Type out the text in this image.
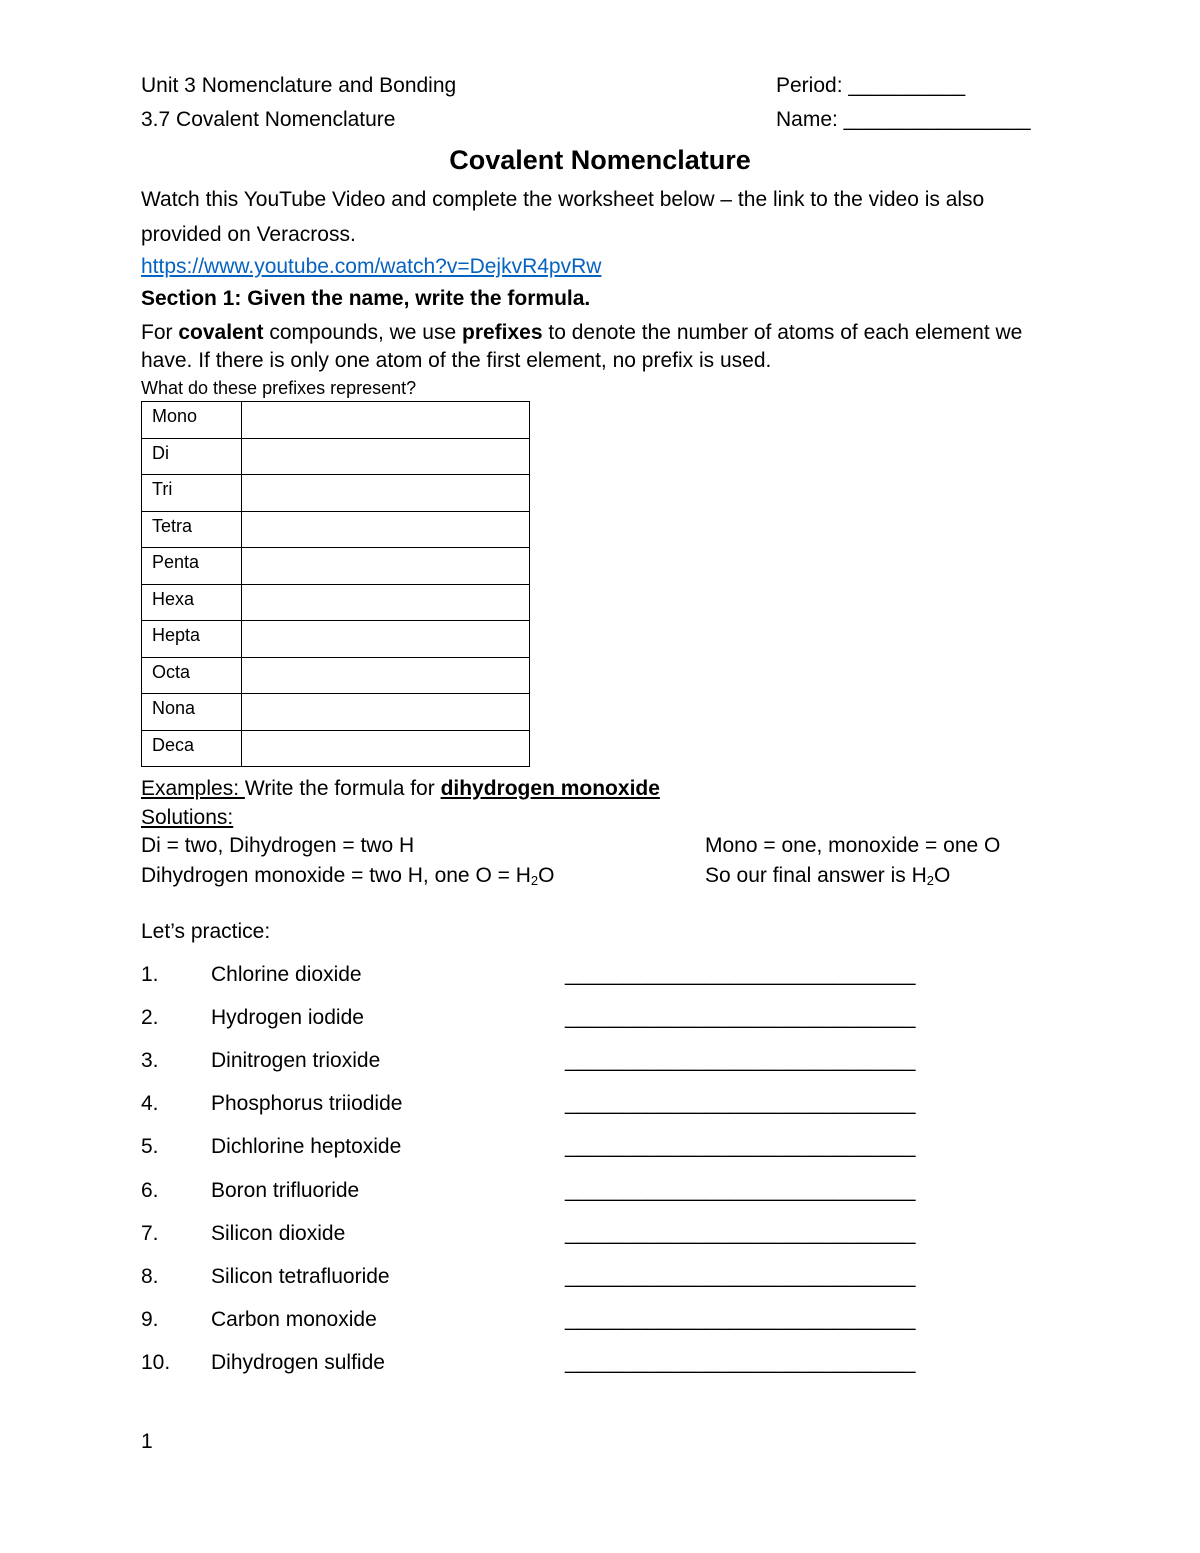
Unit 3 Nomenclature and Bonding	Period: __________
3.7 Covalent Nomenclature	Name: ________________
Covalent Nomenclature
Watch this YouTube Video and complete the worksheet below – the link to the video is also
provided on Veracross.
https://www.youtube.com/watch?v=DejkvR4pvRw
Section 1: Given the name, write the formula.
For covalent compounds, we use prefixes to denote the number of atoms of each element we
have. If there is only one atom of the first element, no prefix is used.
What do these prefixes represent?
Mono	
Di	
Tri	
Tetra	
Penta	
Hexa	
Hepta	
Octa	
Nona	
Deca	
Examples: Write the formula for dihydrogen monoxide
Solutions:
Di = two, Dihydrogen = two H	Mono = one, monoxide = one O
Dihydrogen monoxide = two H, one $O = H_2O$	So our final answer is $H_2O$
Let’s practice:
1. Chlorine dioxide	______________________________
2. Hydrogen iodide	______________________________
3. Dinitrogen trioxide	______________________________
4. Phosphorus triiodide	______________________________
5. Dichlorine heptoxide	______________________________
6. Boron trifluoride	______________________________
7. Silicon dioxide	______________________________
8. Silicon tetrafluoride	______________________________
9. Carbon monoxide	______________________________
10. Dihydrogen sulfide	______________________________
1
